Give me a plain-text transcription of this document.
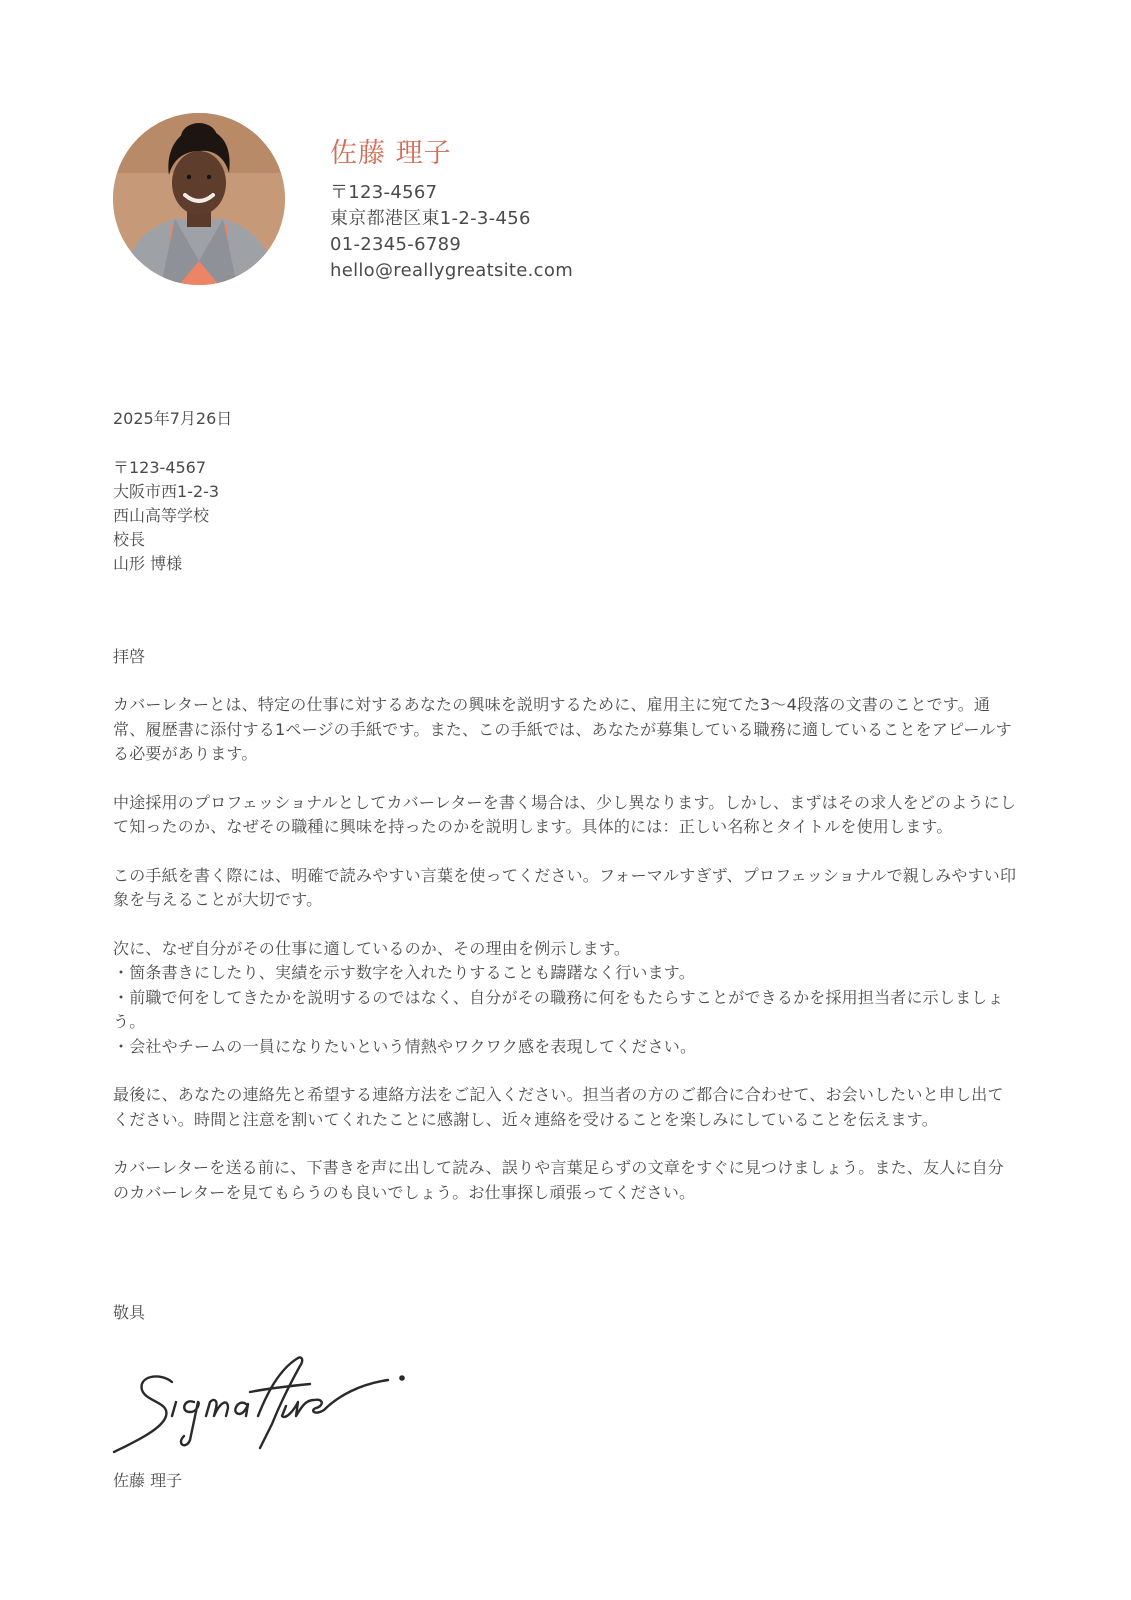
佐藤 理子
〒123-4567
東京都港区東1-2-3-456
01-2345-6789
hello@reallygreatsite.com
2025年7月26日
〒123-4567
大阪市西1-2-3
西山高等学校
校長
山形 博様
拝啓

カバーレターとは、特定の仕事に対するあなたの興味を説明するために、雇用主に宛てた3〜4段落の文書のことです。通常、履歴書に添付する1ページの手紙です。また、この手紙では、あなたが募集している職務に適していることをアピールする必要があります。

中途採用のプロフェッショナルとしてカバーレターを書く場合は、少し異なります。しかし、まずはその求人をどのようにして知ったのか、なぜその職種に興味を持ったのかを説明します。具体的には：正しい名称とタイトルを使用します。

この手紙を書く際には、明確で読みやすい言葉を使ってください。フォーマルすぎず、プロフェッショナルで親しみやすい印象を与えることが大切です。

次に、なぜ自分がその仕事に適しているのか、その理由を例示します。
・箇条書きにしたり、実績を示す数字を入れたりすることも躊躇なく行います。
・前職で何をしてきたかを説明するのではなく、自分がその職務に何をもたらすことができるかを採用担当者に示しましょう。
・会社やチームの一員になりたいという情熱やワクワク感を表現してください。

最後に、あなたの連絡先と希望する連絡方法をご記入ください。担当者の方のご都合に合わせて、お会いしたいと申し出てください。時間と注意を割いてくれたことに感謝し、近々連絡を受けることを楽しみにしていることを伝えます。

カバーレターを送る前に、下書きを声に出して読み、誤りや言葉足らずの文章をすぐに見つけましょう。また、友人に自分のカバーレターを見てもらうのも良いでしょう。お仕事探し頑張ってください。

敬具
佐藤 理子
